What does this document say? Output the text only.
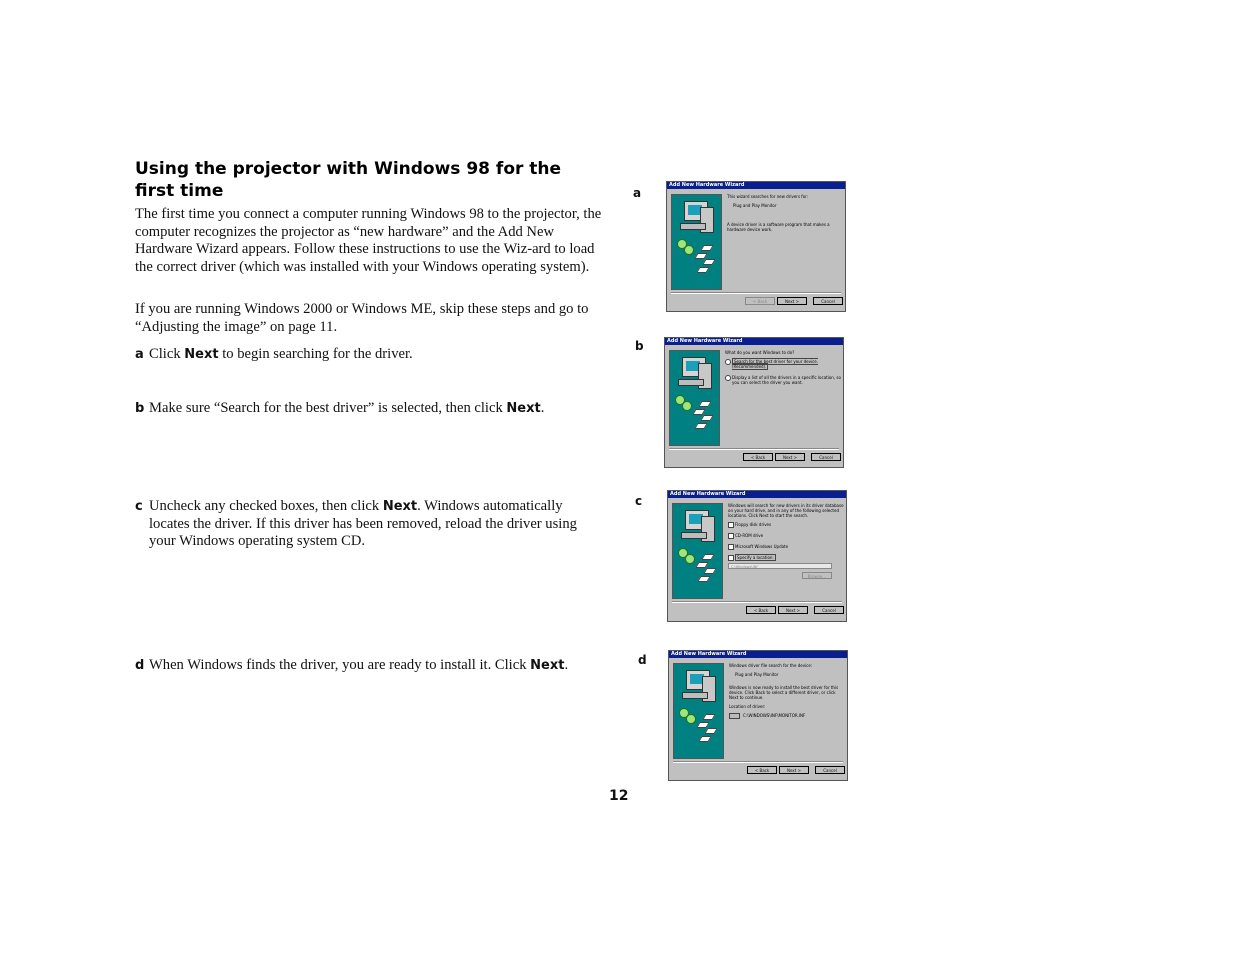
Using the projector with Windows 98 for the first time

The first time you connect a computer running Windows 98 to the projector, the computer recognizes the projector as “new hardware” and the Add New Hardware Wizard appears. Follow these instructions to use the Wiz-ard to load the correct driver (which was installed with your Windows operating system).

If you are running Windows 2000 or Windows ME, skip these steps and go to “Adjusting the image” on page 11.

a Click Next to begin searching for the driver.
b Make sure “Search for the best driver” is selected, then click Next.
c Uncheck any checked boxes, then click Next. Windows automatically locates the driver. If this driver has been removed, reload the driver using your Windows operating system CD.
d When Windows finds the driver, you are ready to install it. Click Next.
a
b
c
d
Add New Hardware Wizard

This wizard searches for new drivers for:

Plug and Play Monitor

A device driver is a software program that makes a hardware device work.

< Back	Next >	Cancel
Add New Hardware Wizard

What do you want Windows to do?

Search for the best driver for your device. (Recommended).
Display a list of all the drivers in a specific location, so you can select the driver you want.
< Back	Next >	Cancel
Add New Hardware Wizard

Windows will search for new drivers in its driver database on your hard drive, and in any of the following selected locations. Click Next to start the search.

Floppy disk drives
CD-ROM drive
Microsoft Windows Update
Specify a location:
C:\Windows\INF
Browse...
< Back	Next >	Cancel
Add New Hardware Wizard

Windows driver file search for the device:

Plug and Play Monitor

Windows is now ready to install the best driver for this device. Click Back to select a different driver, or click Next to continue.

Location of driver:

C:\WINDOWS\INF\MONITOR.INF

< Back	Next >	Cancel
12
